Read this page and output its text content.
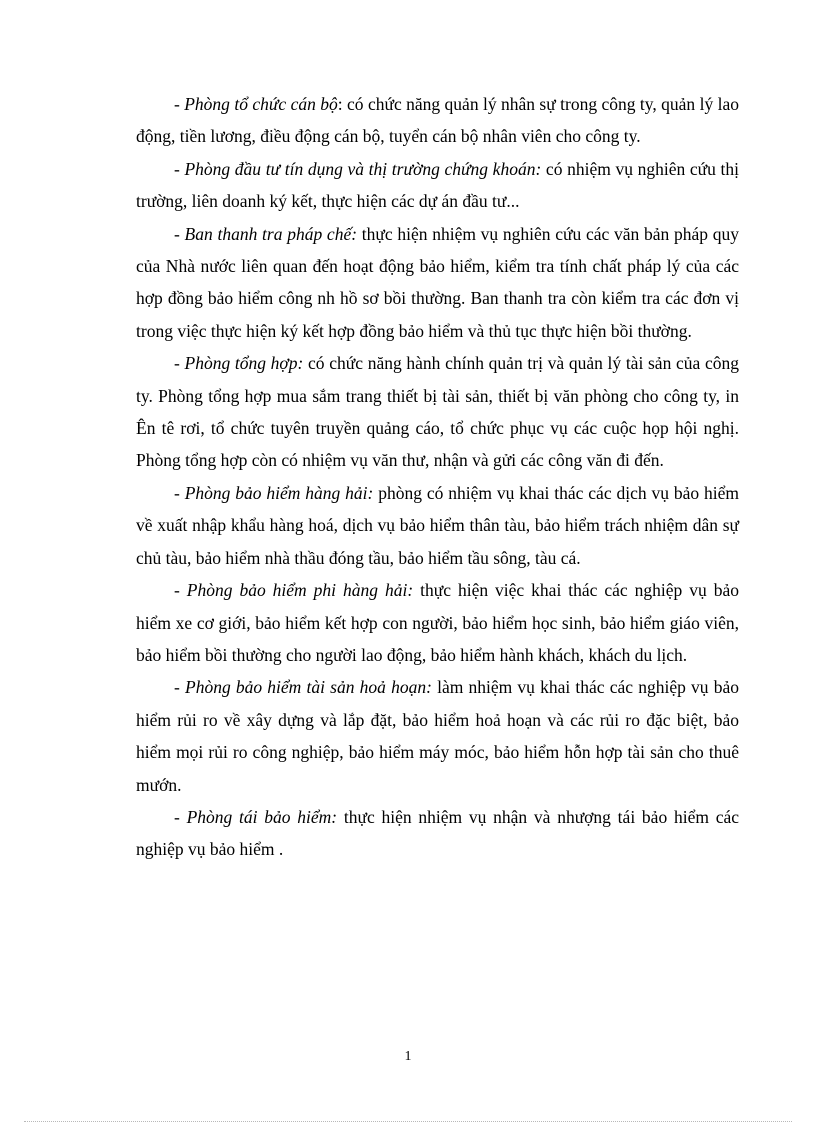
- Phòng tổ chức cán bộ: có chức năng quản lý nhân sự trong công ty, quản lý lao động, tiền lương, điều động cán bộ, tuyển cán bộ nhân viên cho công ty.

- Phòng đầu tư tín dụng và thị trường chứng khoán: có nhiệm vụ nghiên cứu thị trường, liên doanh ký kết, thực hiện các dự án đầu tư...

- Ban thanh tra pháp chế: thực hiện nhiệm vụ nghiên cứu các văn bản pháp quy của Nhà nước liên quan đến hoạt động bảo hiểm, kiểm tra tính chất pháp lý của các hợp đồng bảo hiểm công nh hồ sơ bồi thường. Ban thanh tra còn kiểm tra các đơn vị trong việc thực hiện ký kết hợp đồng bảo hiểm và thủ tục thực hiện bồi thường.

- Phòng tổng hợp: có chức năng hành chính quản trị và quản lý tài sản của công ty. Phòng tổng hợp mua sắm trang thiết bị tài sản, thiết bị văn phòng cho công ty, in Ên tê rơi, tổ chức tuyên truyền quảng cáo, tổ chức phục vụ các cuộc họp hội nghị. Phòng tổng hợp còn có nhiệm vụ văn thư, nhận và gửi các công văn đi đến.

- Phòng bảo hiểm hàng hải: phòng có nhiệm vụ khai thác các dịch vụ bảo hiểm về xuất nhập khẩu hàng hoá, dịch vụ bảo hiểm thân tàu, bảo hiểm trách nhiệm dân sự chủ tàu, bảo hiểm nhà thầu đóng tầu, bảo hiểm tầu sông, tàu cá.

- Phòng bảo hiểm phi hàng hải: thực hiện việc khai thác các nghiệp vụ bảo hiểm xe cơ giới, bảo hiểm kết hợp con người, bảo hiểm học sinh, bảo hiểm giáo viên, bảo hiểm bồi thường cho người lao động, bảo hiểm hành khách, khách du lịch.

- Phòng bảo hiểm tài sản hoả hoạn: làm nhiệm vụ khai thác các nghiệp vụ bảo hiểm rủi ro về xây dựng và lắp đặt, bảo hiểm hoả hoạn và các rủi ro đặc biệt, bảo hiểm mọi rủi ro công nghiệp, bảo hiểm máy móc, bảo hiểm hỗn hợp tài sản cho thuê mướn.

- Phòng tái bảo hiểm: thực hiện nhiệm vụ nhận và nhượng tái bảo hiểm các nghiệp vụ bảo hiểm .

1
